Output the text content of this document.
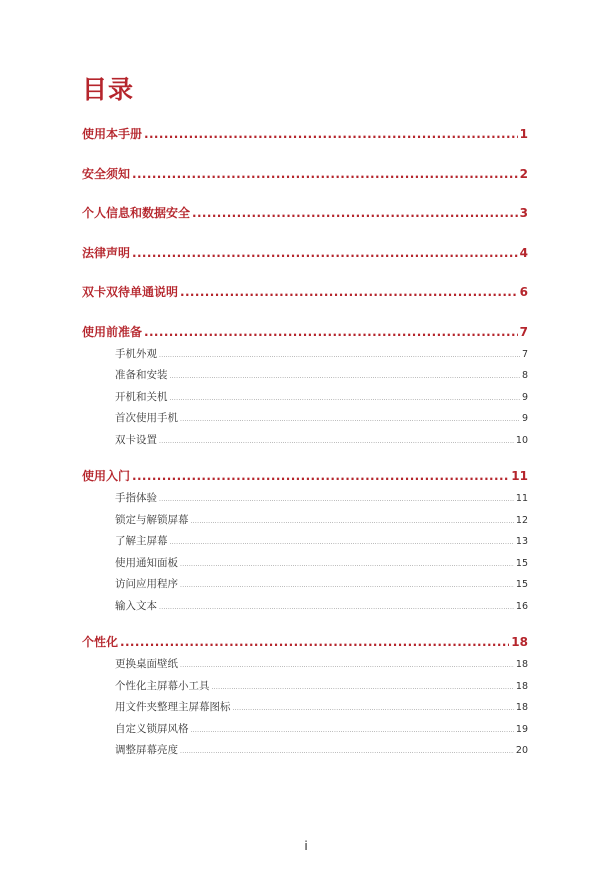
目录
使用本手册 .....	1
安全须知 .....	2
个人信息和数据安全 .....	3
法律声明 .....	4
双卡双待单通说明 .....	6
使用前准备 .....	7
手机外观 .....	7
准备和安装 .....	8
开机和关机 .....	9
首次使用手机 .....	9
双卡设置 .....	10
使用入门 .....	11
手指体验 .....	11
锁定与解锁屏幕 .....	12
了解主屏幕 .....	13
使用通知面板 .....	15
访问应用程序 .....	15
输入文本 .....	16
个性化 .....	18
更换桌面壁纸 .....	18
个性化主屏幕小工具 .....	18
用文件夹整理主屏幕图标 .....	18
自定义锁屏风格 .....	19
调整屏幕亮度 .....	20
i
